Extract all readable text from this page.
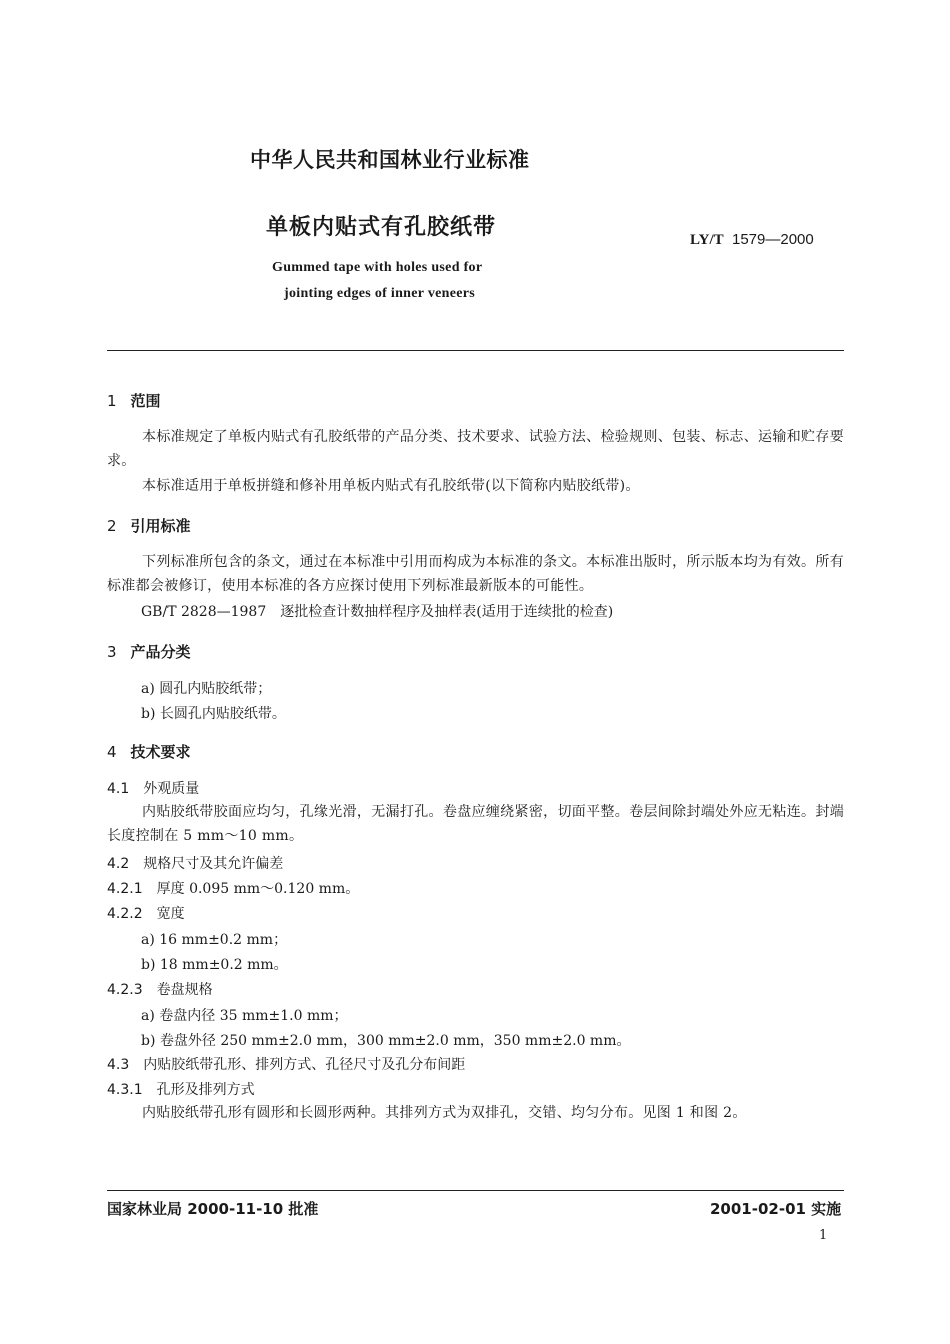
中华人民共和国林业行业标准
单板内贴式有孔胶纸带	LY/T 1579—2000
Gummed tape with holes used for
jointing edges of inner veneers
1 范围
本标准规定了单板内贴式有孔胶纸带的产品分类、技术要求、试验方法、检验规则、包装、标志、运输和贮存要求。
本标准适用于单板拼缝和修补用单板内贴式有孔胶纸带(以下简称内贴胶纸带)。
2 引用标准
下列标准所包含的条文，通过在本标准中引用而构成为本标准的条文。本标准出版时，所示版本均为有效。所有标准都会被修订，使用本标准的各方应探讨使用下列标准最新版本的可能性。
GB/T 2828—1987　逐批检查计数抽样程序及抽样表(适用于连续批的检查)
3 产品分类
a) 圆孔内贴胶纸带；
b) 长圆孔内贴胶纸带。
4 技术要求
4.1 外观质量
内贴胶纸带胶面应均匀，孔缘光滑，无漏打孔。卷盘应缠绕紧密，切面平整。卷层间除封端处外应无粘连。封端长度控制在 5 mm～10 mm。
4.2 规格尺寸及其允许偏差
4.2.1 厚度 0.095 mm～0.120 mm。
4.2.2 宽度
a) 16 mm±0.2 mm；
b) 18 mm±0.2 mm。
4.2.3 卷盘规格
a) 卷盘内径 35 mm±1.0 mm；
b) 卷盘外径 250 mm±2.0 mm，300 mm±2.0 mm，350 mm±2.0 mm。
4.3 内贴胶纸带孔形、排列方式、孔径尺寸及孔分布间距
4.3.1 孔形及排列方式
内贴胶纸带孔形有圆形和长圆形两种。其排列方式为双排孔，交错、均匀分布。见图 1 和图 2。
国家林业局 2000-11-10 批准	2001-02-01 实施
1
